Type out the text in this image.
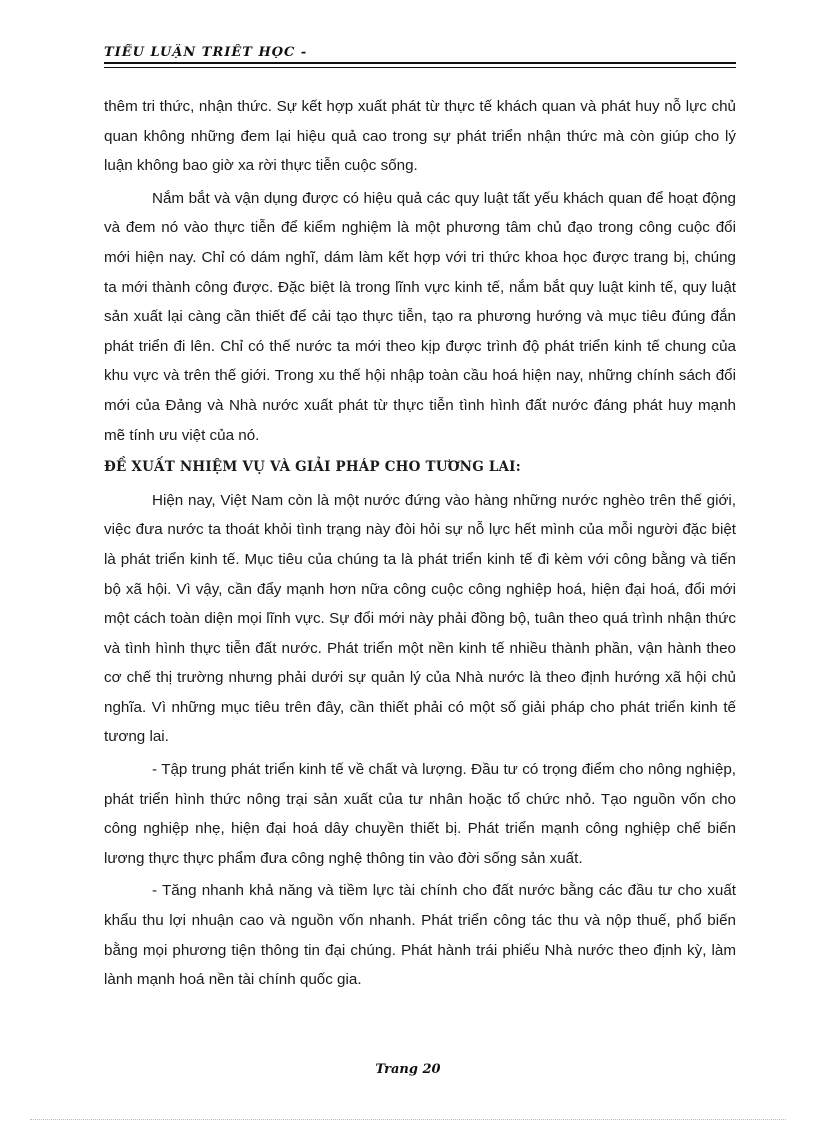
TIỂU LUẬN TRIẾT HỌC -

thêm tri thức, nhận thức. Sự kết hợp xuất phát từ thực tế khách quan và phát huy nỗ lực chủ quan không những đem lại hiệu quả cao trong sự phát triển nhận thức mà còn giúp cho lý luận không bao giờ xa rời thực tiễn cuộc sống.

Nắm bắt và vận dụng được có hiệu quả các quy luật tất yếu khách quan để hoạt động và đem nó vào thực tiễn để kiểm nghiệm là một phương tâm chủ đạo trong công cuộc đổi mới hiện nay. Chỉ có dám nghĩ, dám làm kết hợp với tri thức khoa học được trang bị, chúng ta mới thành công được. Đặc biệt là trong lĩnh vực kinh tế, nắm bắt quy luật kinh tế, quy luật sản xuất lại càng cần thiết để cải tạo thực tiễn, tạo ra phương hướng và mục tiêu đúng đắn phát triển đi lên. Chỉ có thế nước ta mới theo kịp được trình độ phát triển kinh tế chung của khu vực và trên thế giới. Trong xu thế hội nhập toàn cầu hoá hiện nay, những chính sách đổi mới của Đảng và Nhà nước xuất phát từ thực tiễn tình hình đất nước đáng phát huy mạnh mẽ tính ưu việt của nó.

ĐỀ XUẤT NHIỆM VỤ VÀ GIẢI PHÁP CHO TƯƠNG LAI:

Hiện nay, Việt Nam còn là một nước đứng vào hàng những nước nghèo trên thế giới, việc đưa nước ta thoát khỏi tình trạng này đòi hỏi sự nỗ lực hết mình của mỗi người đặc biệt là phát triển kinh tế. Mục tiêu của chúng ta là phát triển kinh tế đi kèm với công bằng và tiến bộ xã hội. Vì vậy, cần đẩy mạnh hơn nữa công cuộc công nghiệp hoá, hiện đại hoá, đổi mới một cách toàn diện mọi lĩnh vực. Sự đổi mới này phải đồng bộ, tuân theo quá trình nhận thức và tình hình thực tiễn đất nước. Phát triển một nền kinh tế nhiều thành phần, vận hành theo cơ chế thị trường nhưng phải dưới sự quản lý của Nhà nước là theo định hướng xã hội chủ nghĩa. Vì những mục tiêu trên đây, cần thiết phải có một số giải pháp cho phát triển kinh tế tương lai.

- Tập trung phát triển kinh tế về chất và lượng. Đầu tư có trọng điểm cho nông nghiệp, phát triển hình thức nông trại sản xuất của tư nhân hoặc tổ chức nhỏ. Tạo nguồn vốn cho công nghiệp nhẹ, hiện đại hoá dây chuyền thiết bị. Phát triển mạnh công nghiệp chế biến lương thực thực phẩm đưa công nghệ thông tin vào đời sống sản xuất.

- Tăng nhanh khả năng và tiềm lực tài chính cho đất nước bằng các đầu tư cho xuất khẩu thu lợi nhuận cao và nguồn vốn nhanh. Phát triển công tác thu và nộp thuế, phổ biến bằng mọi phương tiện thông tin đại chúng. Phát hành trái phiếu Nhà nước theo định kỳ, làm lành mạnh hoá nền tài chính quốc gia.

Trang 20
